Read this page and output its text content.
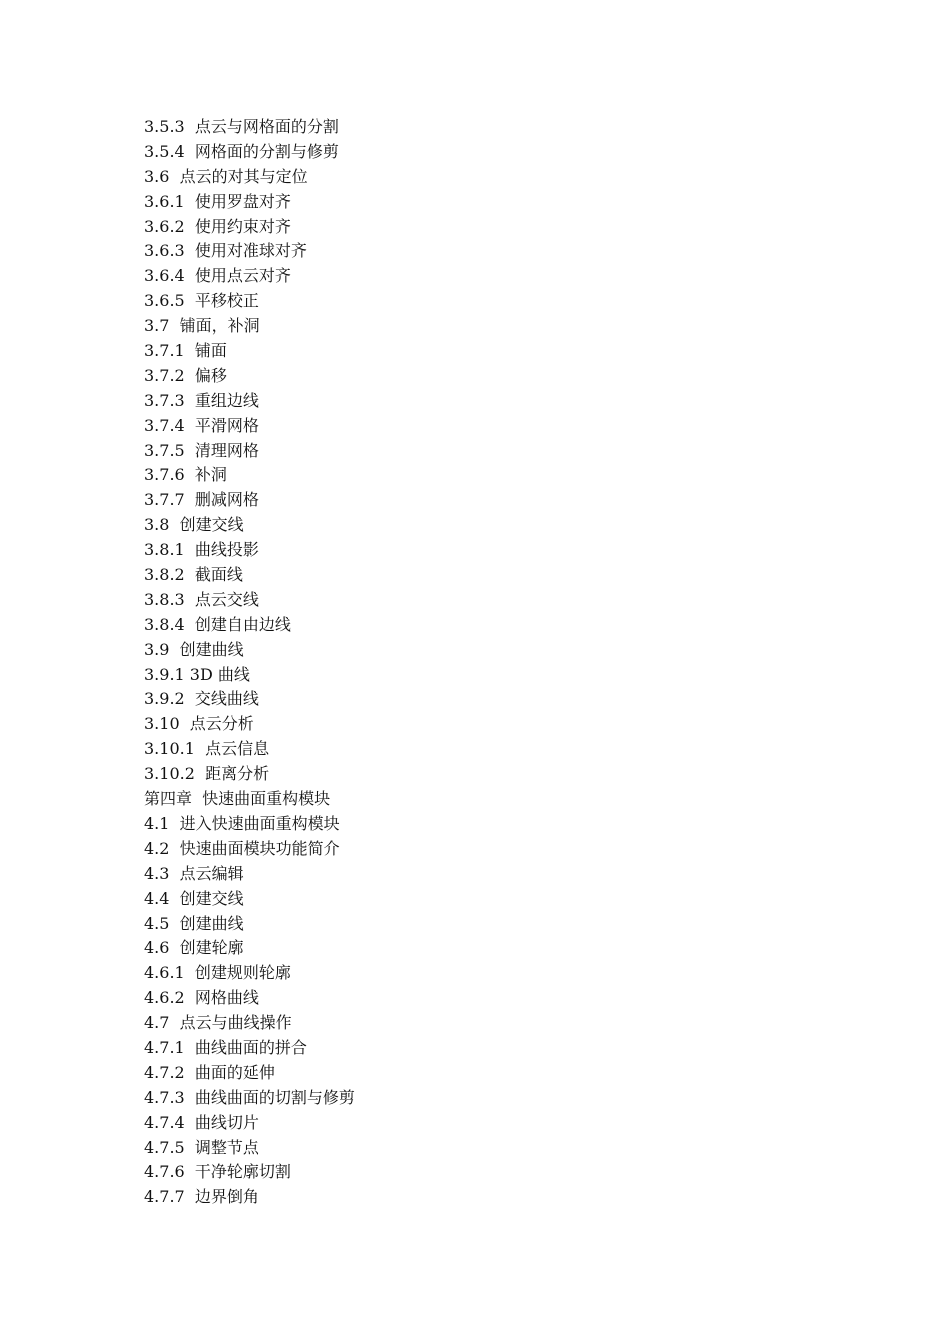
3.5.3  点云与网格面的分割
3.5.4  网格面的分割与修剪
3.6  点云的对其与定位
3.6.1  使用罗盘对齐
3.6.2  使用约束对齐
3.6.3  使用对准球对齐
3.6.4  使用点云对齐
3.6.5  平移校正
3.7  铺面，补洞
3.7.1  铺面
3.7.2  偏移
3.7.3  重组边线
3.7.4  平滑网格
3.7.5  清理网格
3.7.6  补洞
3.7.7  删减网格
3.8  创建交线
3.8.1  曲线投影
3.8.2  截面线
3.8.3  点云交线
3.8.4  创建自由边线
3.9  创建曲线
3.9.1 3D 曲线
3.9.2  交线曲线
3.10  点云分析
3.10.1  点云信息
3.10.2  距离分析
第四章  快速曲面重构模块
4.1  进入快速曲面重构模块
4.2  快速曲面模块功能简介
4.3  点云编辑
4.4  创建交线
4.5  创建曲线
4.6  创建轮廓
4.6.1  创建规则轮廓
4.6.2  网格曲线
4.7  点云与曲线操作
4.7.1  曲线曲面的拼合
4.7.2  曲面的延伸
4.7.3  曲线曲面的切割与修剪
4.7.4  曲线切片
4.7.5  调整节点
4.7.6  干净轮廓切割
4.7.7  边界倒角
